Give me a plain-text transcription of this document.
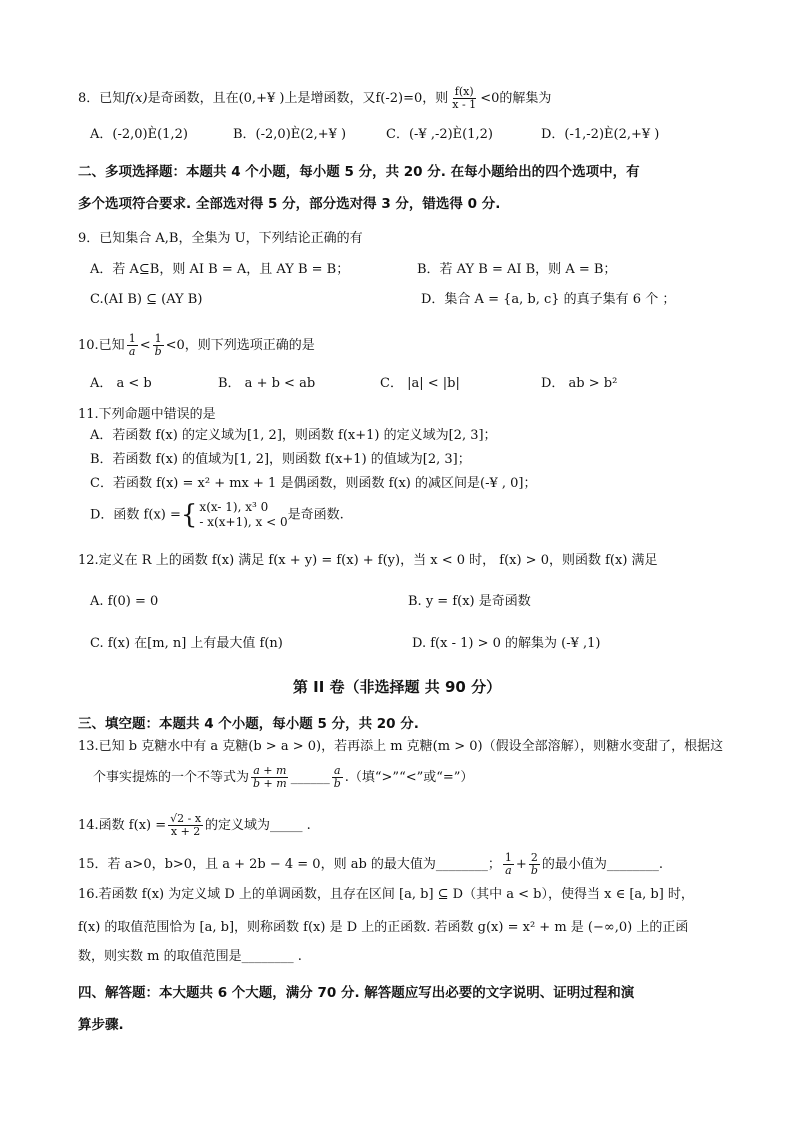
8．已知f(x)是奇函数，且在(0,+¥ )上是增函数，又f(-2)=0，则 $\frac{f(x)}{x - 1} <0$的解集为
A．(-2,0)È(1,2)	B．(-2,0)È(2,+¥ )	C．(-¥ ,-2)È(1,2)	D．(-1,-2)È(2,+¥ )
二、多项选择题：本题共 4 个小题，每小题 5 分，共 20 分. 在每小题给出的四个选项中，有
多个选项符合要求. 全部选对得 5 分，部分选对得 3 分，错选得 0 分.
9．已知集合 A,B，全集为 U，下列结论正确的有
A．若 A⊆B，则 AI B = A，且 AY B = B；	B．若 AY B = AI B，则 A = B；
C.(AI B) ⊆ (AY B)	D．集合 A = {a, b, c} 的真子集有 6 个 ；
10.已知 $\frac{1}{a} < \frac{1}{b} <0$，则下列选项正确的是
A． a < b	B． a + b < ab	C． |a| < |b|	D． ab > b²
11.下列命题中错误的是
A．若函数 f(x) 的定义域为[1, 2]，则函数 f(x+1) 的定义域为[2, 3]；
B．若函数 f(x) 的值域为[1, 2]，则函数 f(x+1) 的值域为[2, 3]；
C．若函数 f(x) = x² + mx + 1 是偶函数，则函数 f(x) 的减区间是(-¥ , 0]；
D．函数 f(x) ={ x(x- 1), x³ 0
- x(x+1), x < 0 是奇函数.
12.定义在 R 上的函数 f(x) 满足 f(x + y) = f(x) + f(y)，当 x < 0 时， f(x) > 0，则函数 f(x) 满足
A. f(0) = 0	B. y = f(x) 是奇函数
C. f(x) 在[m, n] 上有最大值 f(n)	D. f(x - 1) > 0 的解集为 (-¥ ,1)
第 II 卷（非选择题 共 90 分）
三、填空题：本题共 4 个小题，每小题 5 分，共 20 分.
13.已知 b 克糖水中有 a 克糖(b > a > 0)，若再添上 m 克糖(m > 0)（假设全部溶解），则糖水变甜了，根据这
个事实提炼的一个不等式为 $\frac{a + m}{b + m}$ ______ $\frac{a}{b}$ .（填“>”“<”或“=”）
14.函数 $f(x) = \frac{√2 - x}{x + 2}$ 的定义域为_____ .
15．若 a>0，b>0，且 a + 2b − 4 = 0，则 ab 的最大值为________； $\frac{1}{a} + \frac{2}{b}$ 的最小值为________.
16.若函数 f(x) 为定义域 D 上的单调函数，且存在区间 [a, b] ⊆ D（其中 a < b），使得当 x ∈ [a, b] 时，
f(x) 的取值范围恰为 [a, b]，则称函数 f(x) 是 D 上的正函数. 若函数 g(x) = x² + m 是 (−∞,0) 上的正函
数，则实数 m 的取值范围是________ .
四、解答题：本大题共 6 个大题，满分 70 分. 解答题应写出必要的文字说明、证明过程和演
算步骤.
